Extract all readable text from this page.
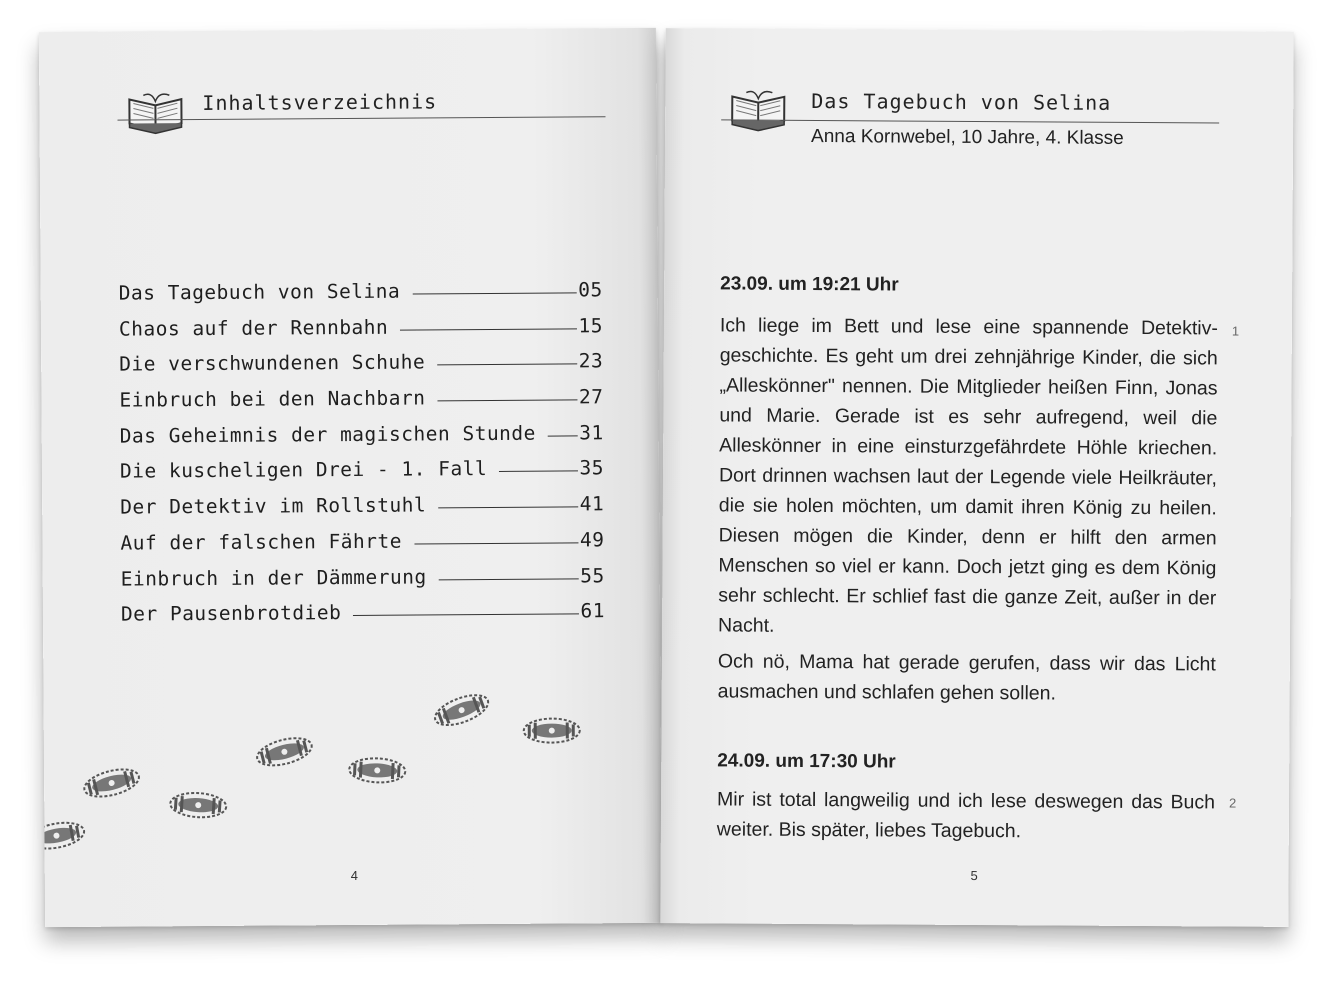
Inhaltsverzeichnis
Das Tagebuch von Selina	05
Chaos auf der Rennbahn	15
Die verschwundenen Schuhe	23
Einbruch bei den Nachbarn	27
Das Geheimnis der magischen Stunde 31
Die kuscheligen Drei - 1. Fall	35
Der Detektiv im Rollstuhl	41
Auf der falschen Fährte	49
Einbruch in der Dämmerung	55
Der Pausenbrotdieb	61
4
Das Tagebuch von Selina
Anna Kornwebel, 10 Jahre, 4. Klasse
23.09. um 19:21 Uhr
1

Ich liege im Bett und lese eine spannende Detektiv-geschichte. Es geht um drei zehnjährige Kinder, die sich „Alleskönner" nennen. Die Mitglieder heißen Finn, Jonas und Marie. Gerade ist es sehr aufregend, weil die Alleskönner in eine einsturzgefährdete Höhle kriechen. Dort drinnen wachsen laut der Legende viele Heilkräuter, die sie holen möchten, um damit ihren König zu heilen. Diesen mögen die Kinder, denn er hilft den armen Menschen so viel er kann. Doch jetzt ging es dem König sehr schlecht. Er schlief fast die ganze Zeit, außer in der Nacht.

Och nö, Mama hat gerade gerufen, dass wir das Licht ausmachen und schlafen gehen sollen.

24.09. um 17:30 Uhr
2

Mir ist total langweilig und ich lese deswegen das Buch weiter. Bis später, liebes Tagebuch.

5
